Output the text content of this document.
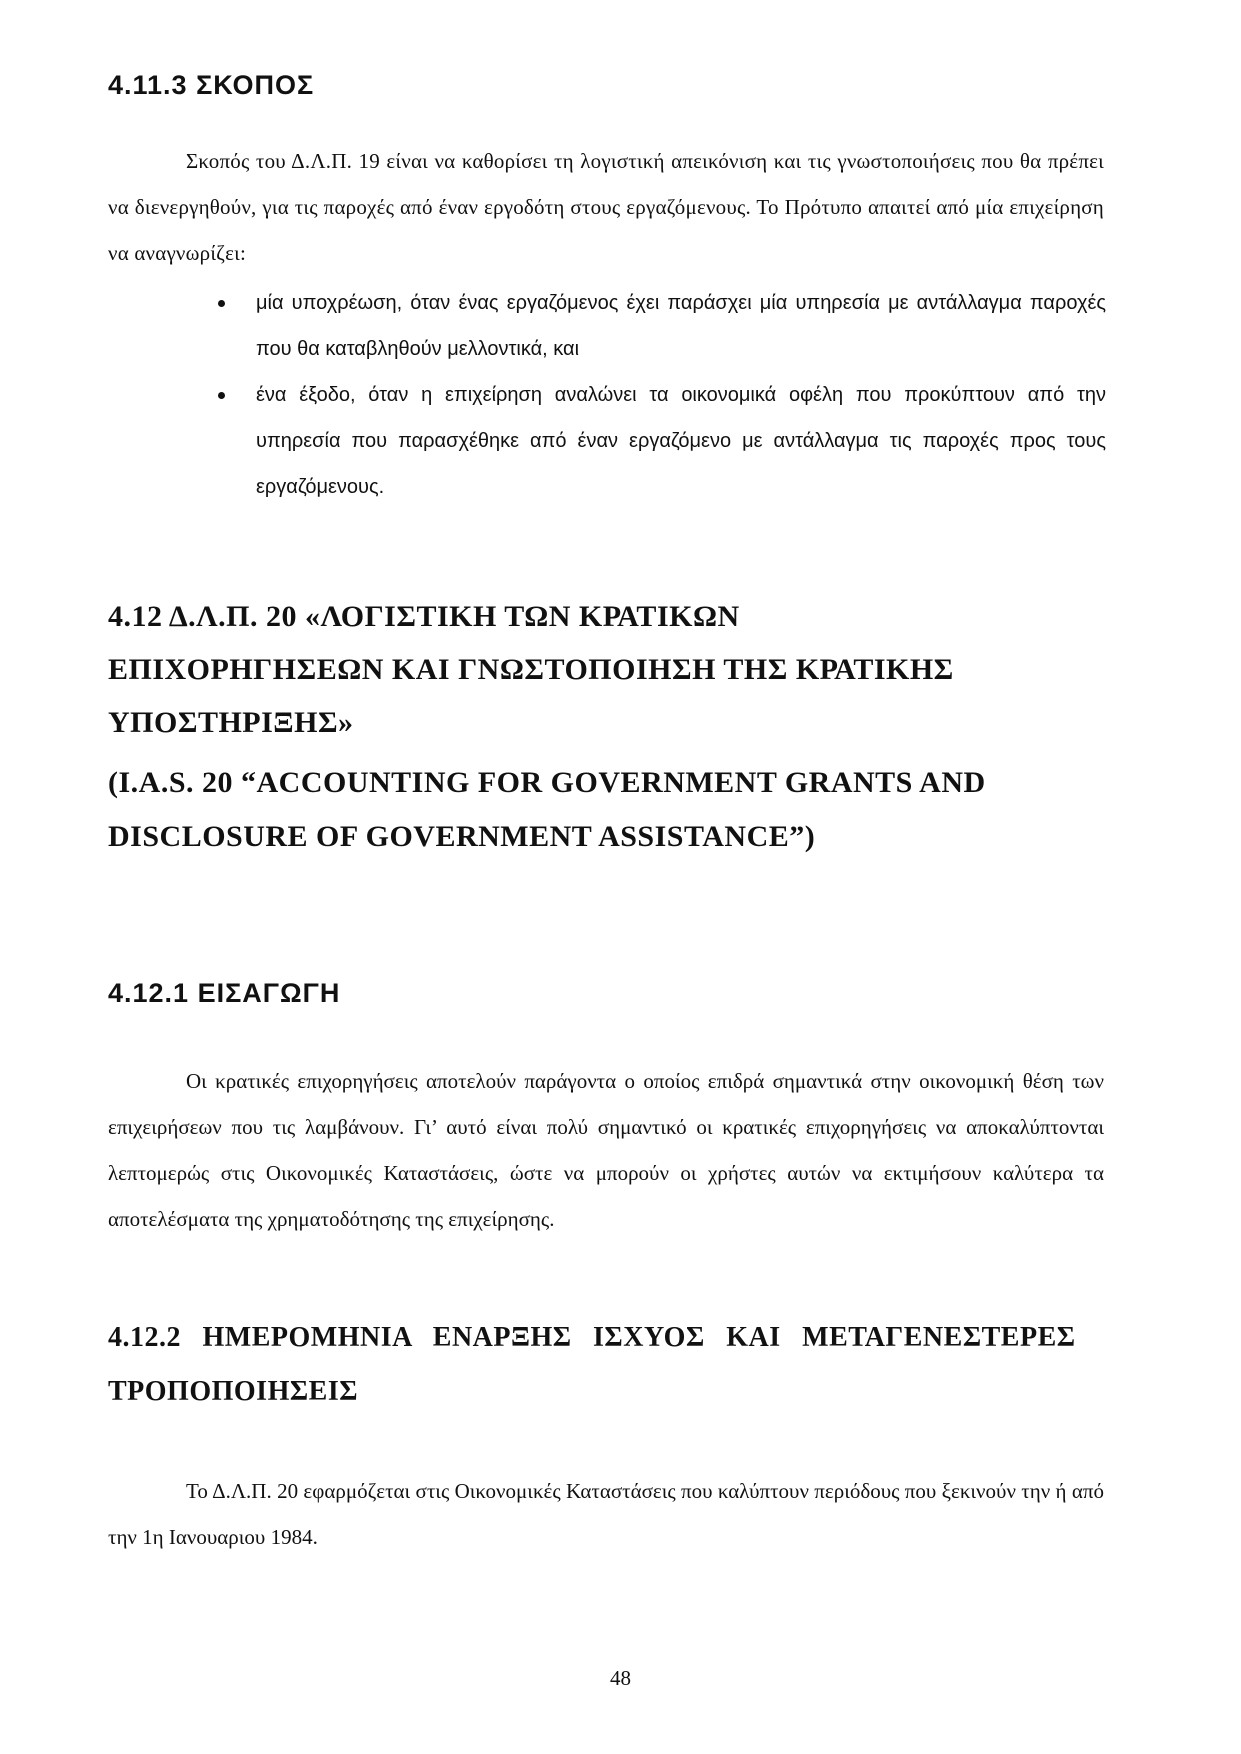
4.11.3 ΣΚΟΠΟΣ
Σκοπός του Δ.Λ.Π. 19 είναι να καθορίσει τη λογιστική απεικόνιση και τις γνωστοποιήσεις που θα πρέπει να διενεργηθούν, για τις παροχές από έναν εργοδότη στους εργαζόμενους. Το Πρότυπο απαιτεί από μία επιχείρηση να αναγνωρίζει:
μία υποχρέωση, όταν ένας εργαζόμενος έχει παράσχει μία υπηρεσία με αντάλλαγμα παροχές που θα καταβληθούν μελλοντικά, και
ένα έξοδο, όταν η επιχείρηση αναλώνει τα οικονομικά οφέλη που προκύπτουν από την υπηρεσία που παρασχέθηκε από έναν εργαζόμενο με αντάλλαγμα τις παροχές προς τους εργαζόμενους.
4.12 Δ.Λ.Π. 20 «ΛΟΓΙΣΤΙΚΗ ΤΩΝ ΚΡΑΤΙΚΩΝ
ΕΠΙΧΟΡΗΓΗΣΕΩΝ ΚΑΙ ΓΝΩΣΤΟΠΟΙΗΣΗ ΤΗΣ ΚΡΑΤΙΚΗΣ
ΥΠΟΣΤΗΡΙΞΗΣ»
(I.A.S. 20 “ACCOUNTING FOR GOVERNMENT GRANTS AND
DISCLOSURE OF GOVERNMENT ASSISTANCE”)
4.12.1 ΕΙΣΑΓΩΓΗ
Οι κρατικές επιχορηγήσεις αποτελούν παράγοντα ο οποίος επιδρά σημαντικά στην οικονομική θέση των επιχειρήσεων που τις λαμβάνουν. Γι’ αυτό είναι πολύ σημαντικό οι κρατικές επιχορηγήσεις να αποκαλύπτονται λεπτομερώς στις Οικονομικές Καταστάσεις, ώστε να μπορούν οι χρήστες αυτών να εκτιμήσουν καλύτερα τα αποτελέσματα της χρηματοδότησης της επιχείρησης.
4.12.2 ΗΜΕΡΟΜΗΝΙΑ ΕΝΑΡΞΗΣ ΙΣΧΥΟΣ ΚΑΙ ΜΕΤΑΓΕΝΕΣΤΕΡΕΣ
ΤΡΟΠΟΠΟΙΗΣΕΙΣ
Το Δ.Λ.Π. 20 εφαρμόζεται στις Οικονομικές Καταστάσεις που καλύπτουν περιόδους που ξεκινούν την ή από την 1η Ιανουαριου 1984.
48
